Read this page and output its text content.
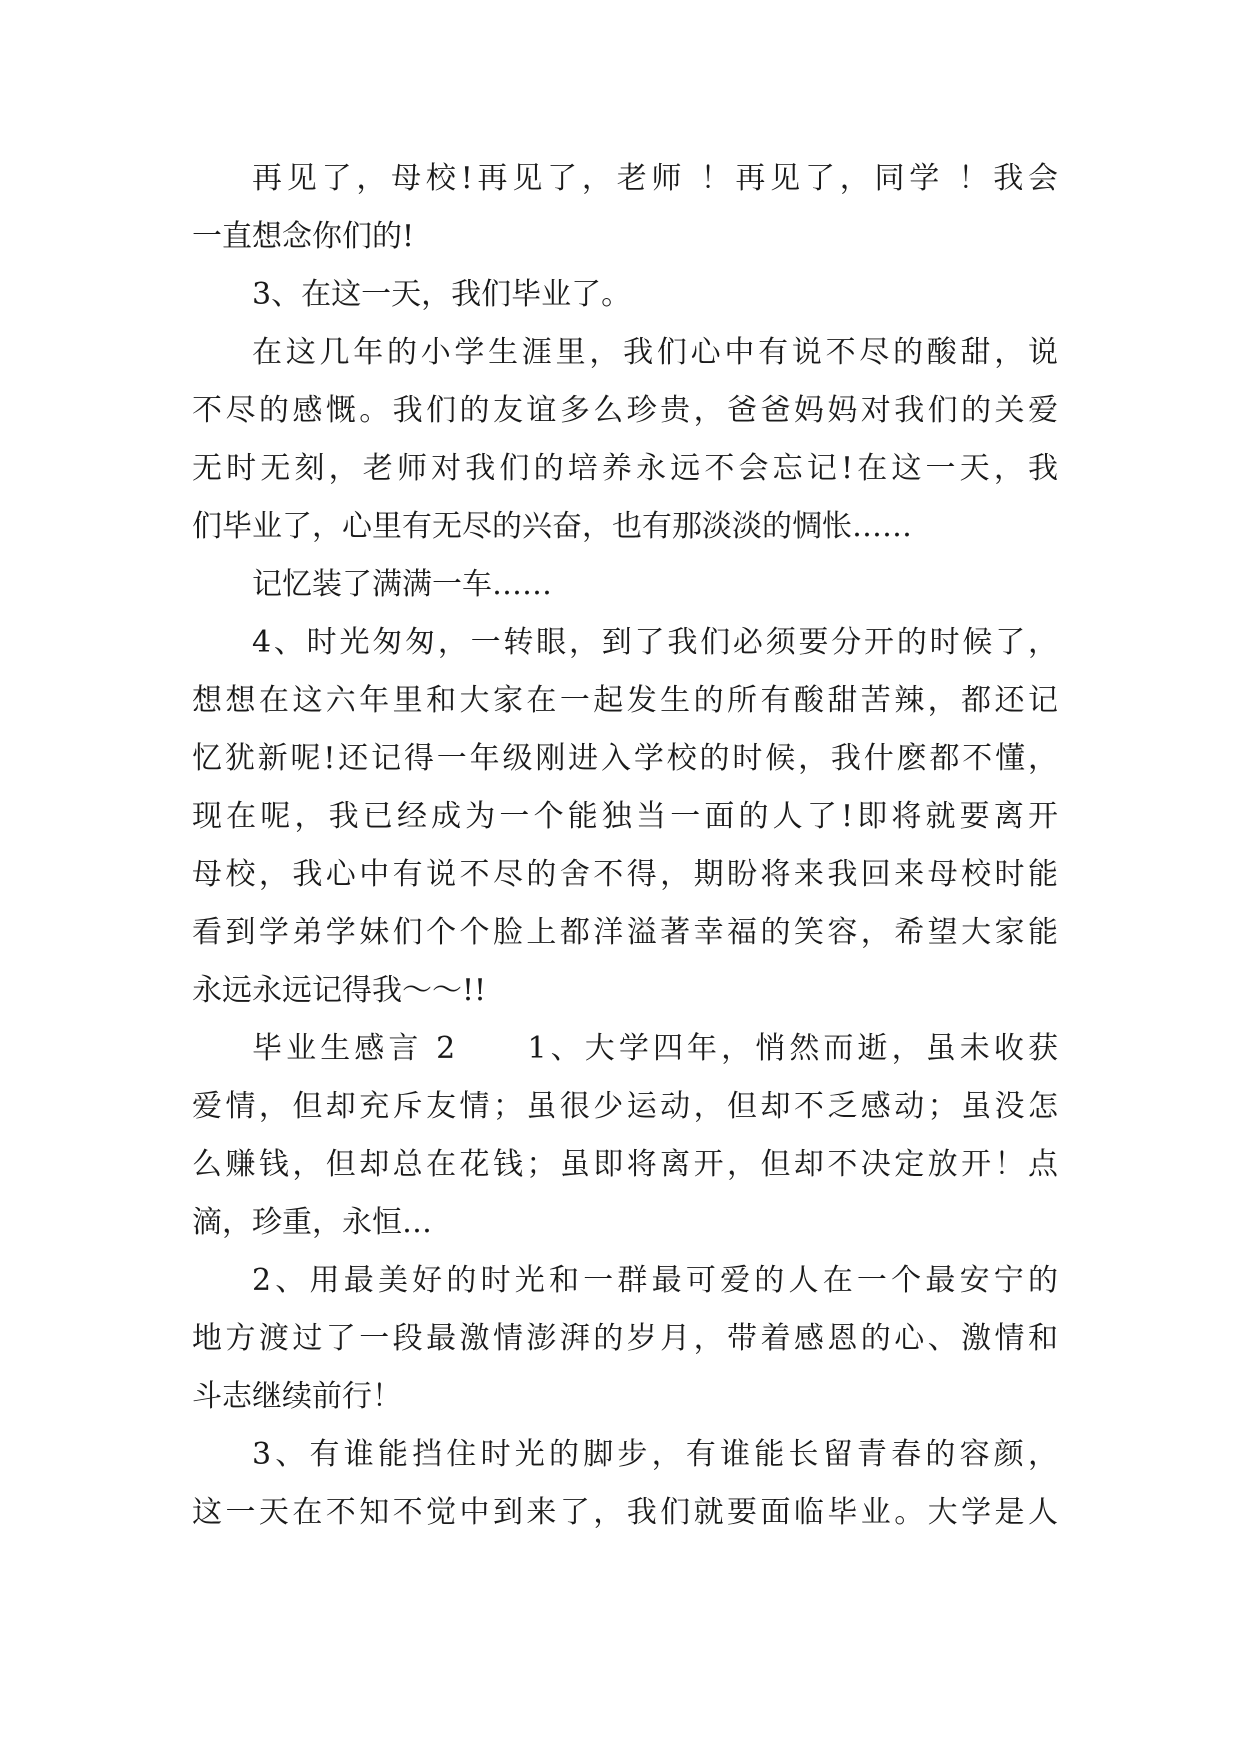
再见了，母校!再见了，老师 ！再见了，同学 ！我会
一直想念你们的!
3、在这一天，我们毕业了。
在这几年的小学生涯里，我们心中有说不尽的酸甜，说
不尽的感慨。我们的友谊多么珍贵，爸爸妈妈对我们的关爱
无时无刻，老师对我们的培养永远不会忘记!在这一天，我
们毕业了，心里有无尽的兴奋，也有那淡淡的惆怅……
记忆装了满满一车……
4、时光匆匆，一转眼，到了我们必须要分开的时候了，
想想在这六年里和大家在一起发生的所有酸甜苦辣，都还记
忆犹新呢!还记得一年级刚进入学校的时候，我什麽都不懂，
现在呢，我已经成为一个能独当一面的人了!即将就要离开
母校，我心中有说不尽的舍不得，期盼将来我回来母校时能
看到学弟学妹们个个脸上都洋溢著幸福的笑容，希望大家能
永远永远记得我～～!!
毕业生感言 2　　1、大学四年，悄然而逝，虽未收获
爱情，但却充斥友情；虽很少运动，但却不乏感动；虽没怎
么赚钱，但却总在花钱；虽即将离开，但却不决定放开！点
滴，珍重，永恒…
2、用最美好的时光和一群最可爱的人在一个最安宁的
地方渡过了一段最激情澎湃的岁月，带着感恩的心、激情和
斗志继续前行！
3、有谁能挡住时光的脚步，有谁能长留青春的容颜，
这一天在不知不觉中到来了，我们就要面临毕业。大学是人
